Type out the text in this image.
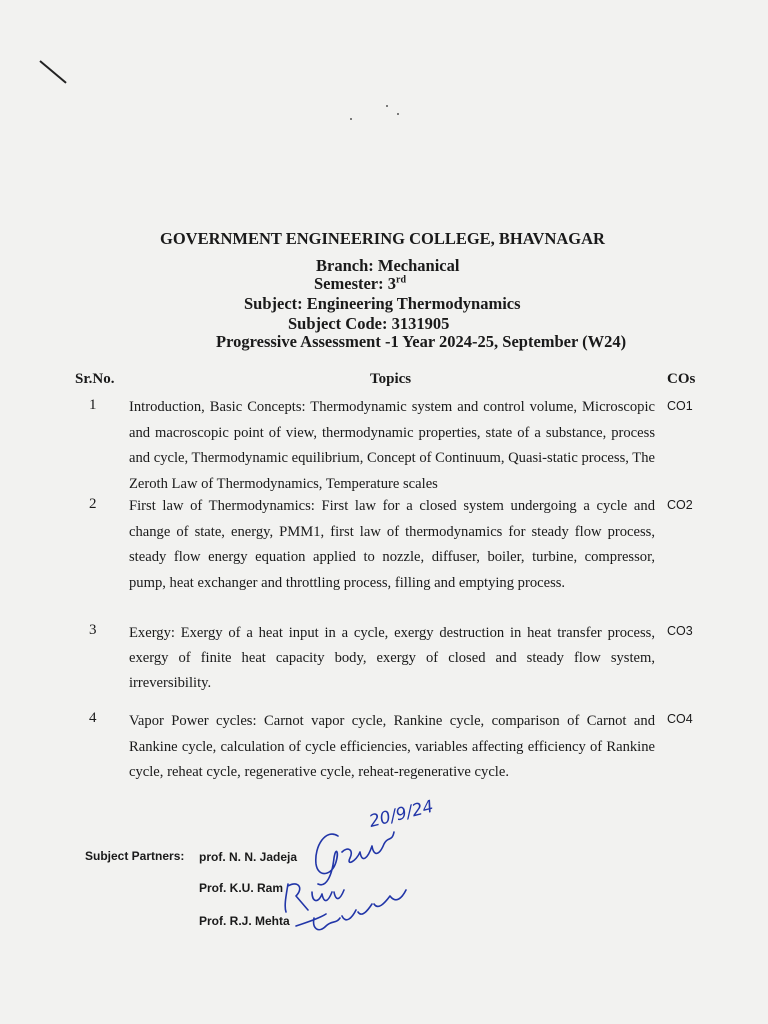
GOVERNMENT ENGINEERING COLLEGE, BHAVNAGAR
Branch: Mechanical
Semester: 3rd
Subject: Engineering Thermodynamics
Subject Code: 3131905
Progressive Assessment -1 Year 2024-25, September (W24)
Sr.No.	Topics	COs
1 Introduction, Basic Concepts: Thermodynamic system and control volume, Microscopic and macroscopic point of view, thermodynamic properties, state of a substance, process and cycle, Thermodynamic equilibrium, Concept of Continuum, Quasi-static process, The Zeroth Law of Thermodynamics, Temperature scales
CO1
2 First law of Thermodynamics: First law for a closed system undergoing a cycle and change of state, energy, PMM1, first law of thermodynamics for steady flow process, steady flow energy equation applied to nozzle, diffuser, boiler, turbine, compressor, pump, heat exchanger and throttling process, filling and emptying process.
CO2
3 Exergy: Exergy of a heat input in a cycle, exergy destruction in heat transfer process, exergy of finite heat capacity body, exergy of closed and steady flow system, irreversibility.
CO3
4 Vapor Power cycles: Carnot vapor cycle, Rankine cycle, comparison of Carnot and Rankine cycle, calculation of cycle efficiencies, variables affecting efficiency of Rankine cycle, reheat cycle, regenerative cycle, reheat-regenerative cycle.
CO4
Subject Partners: prof. N. N. Jadeja
Prof. K.U. Ram
Prof. R.J. Mehta
20/9/24
